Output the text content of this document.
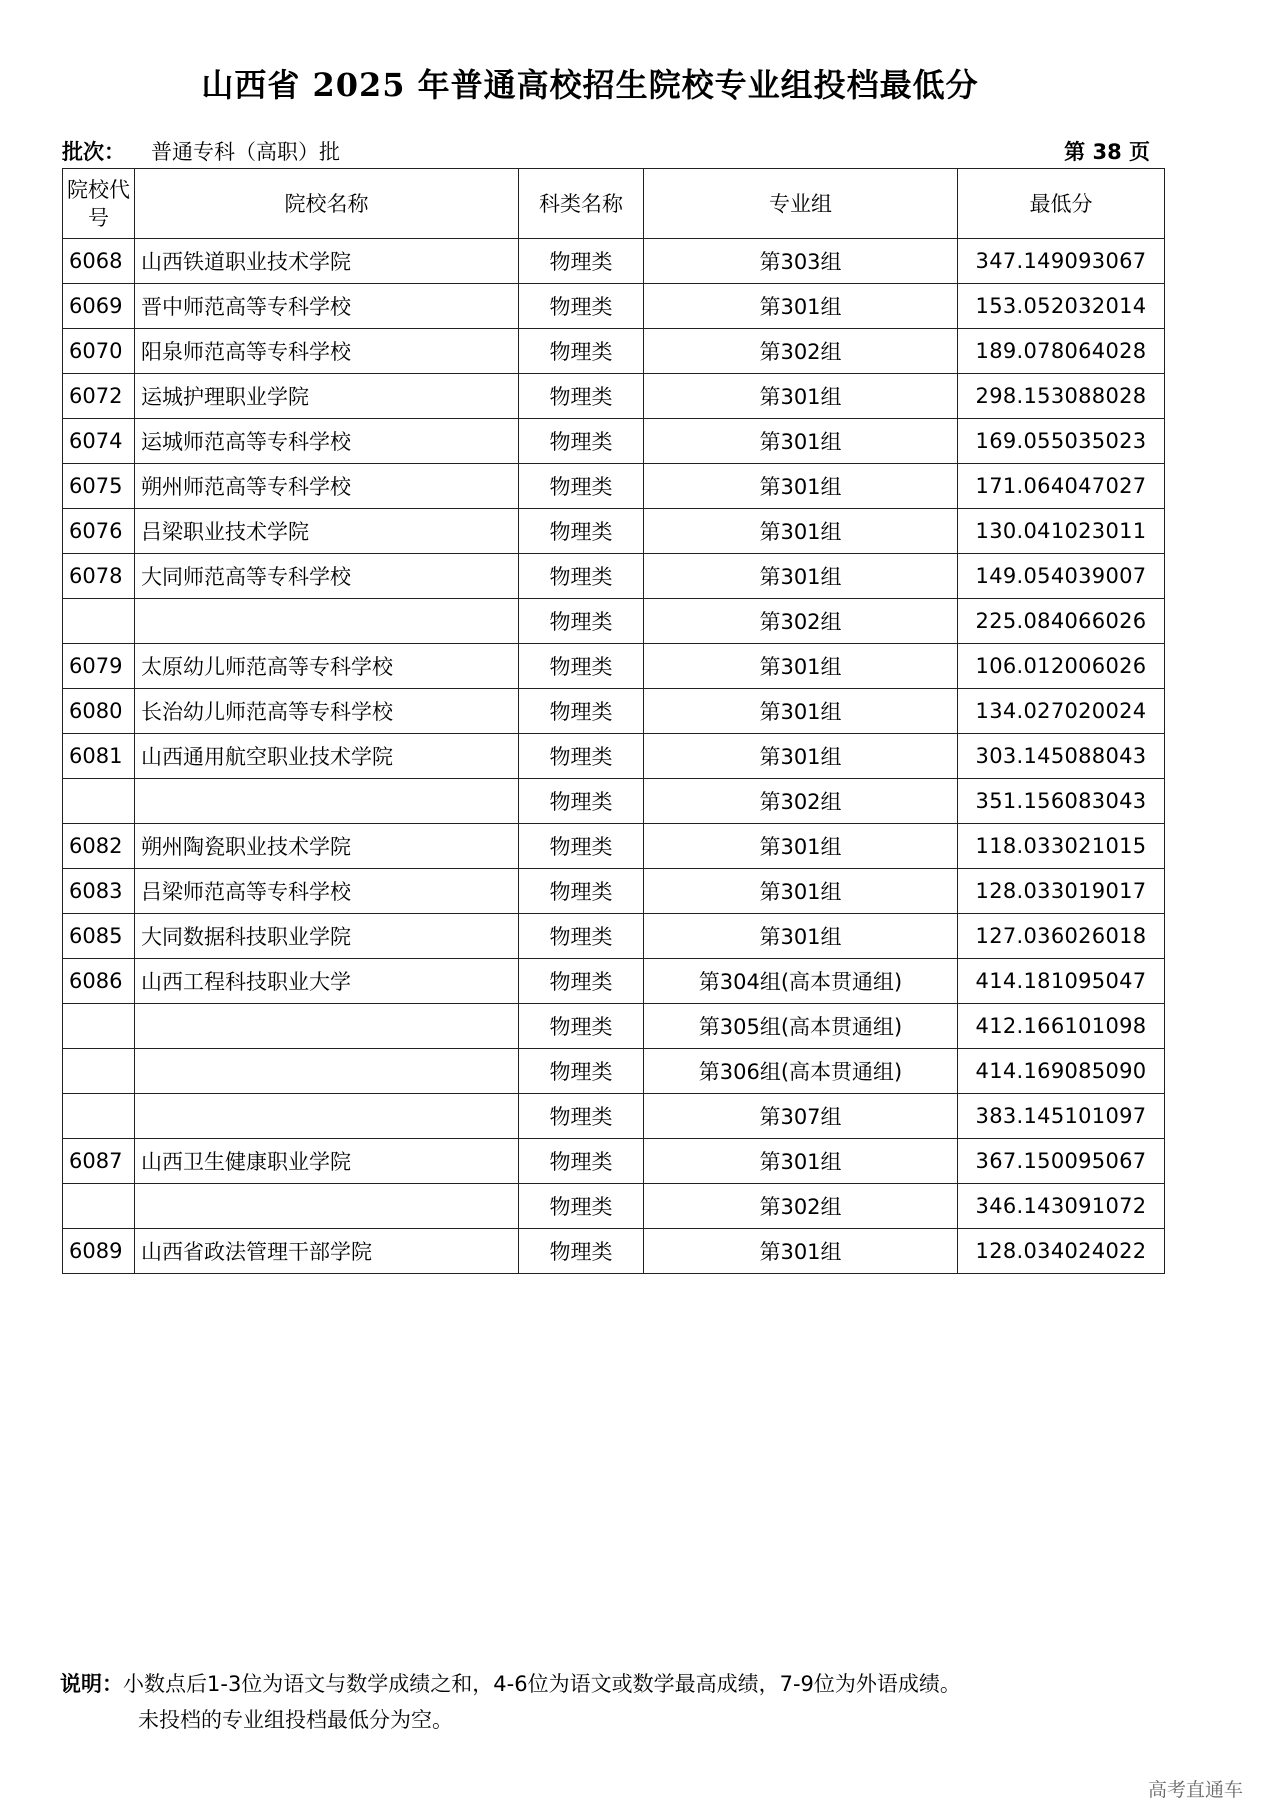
山西省 2025 年普通高校招生院校专业组投档最低分
批次： 普通专科（高职）批	第 38 页
院校代号	院校名称	科类名称	专业组	最低分
6068	山西铁道职业技术学院	物理类	第303组	347.149093067
6069	晋中师范高等专科学校	物理类	第301组	153.052032014
6070	阳泉师范高等专科学校	物理类	第302组	189.078064028
6072	运城护理职业学院	物理类	第301组	298.153088028
6074	运城师范高等专科学校	物理类	第301组	169.055035023
6075	朔州师范高等专科学校	物理类	第301组	171.064047027
6076	吕梁职业技术学院	物理类	第301组	130.041023011
6078	大同师范高等专科学校	物理类	第301组	149.054039007
		物理类	第302组	225.084066026
6079	太原幼儿师范高等专科学校	物理类	第301组	106.012006026
6080	长治幼儿师范高等专科学校	物理类	第301组	134.027020024
6081	山西通用航空职业技术学院	物理类	第301组	303.145088043
		物理类	第302组	351.156083043
6082	朔州陶瓷职业技术学院	物理类	第301组	118.033021015
6083	吕梁师范高等专科学校	物理类	第301组	128.033019017
6085	大同数据科技职业学院	物理类	第301组	127.036026018
6086	山西工程科技职业大学	物理类	第304组(高本贯通组)	414.181095047
		物理类	第305组(高本贯通组)	412.166101098
		物理类	第306组(高本贯通组)	414.169085090
		物理类	第307组	383.145101097
6087	山西卫生健康职业学院	物理类	第301组	367.150095067
		物理类	第302组	346.143091072
6089	山西省政法管理干部学院	物理类	第301组	128.034024022
说明：小数点后1-3位为语文与数学成绩之和，4-6位为语文或数学最高成绩，7-9位为外语成绩。
未投档的专业组投档最低分为空。
高考直通车
